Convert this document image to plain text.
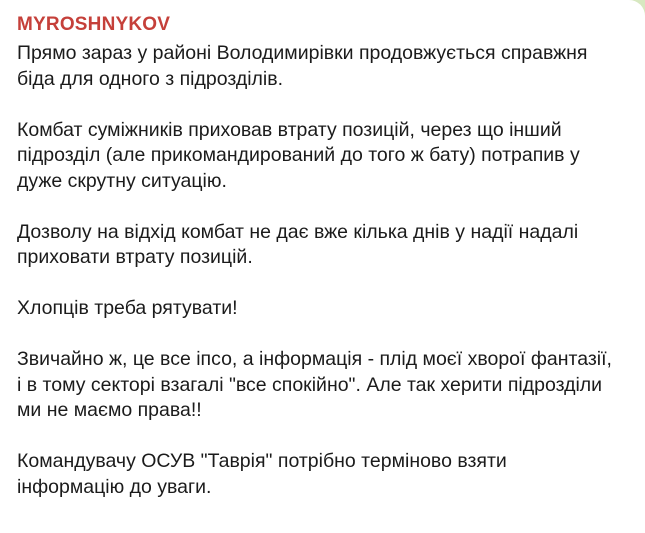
MYROSHNYKOV
Прямо зараз у районі Володимирівки продовжується справжня
біда для одного з підрозділів.
Комбат суміжників приховав втрату позицій, через що інший
підрозділ (але прикомандирований до того ж бату) потрапив у
дуже скрутну ситуацію.
Дозволу на відхід комбат не дає вже кілька днів у надії надалі
приховати втрату позицій.
Хлопців треба рятувати!
Звичайно ж, це все іпсо, а інформація - плід моєї хворої фантазії,
і в тому секторі взагалі "все спокійно". Але так херити підрозділи
ми не маємо права!!
Командувачу ОСУВ "Таврія" потрібно терміново взяти
інформацію до уваги.
